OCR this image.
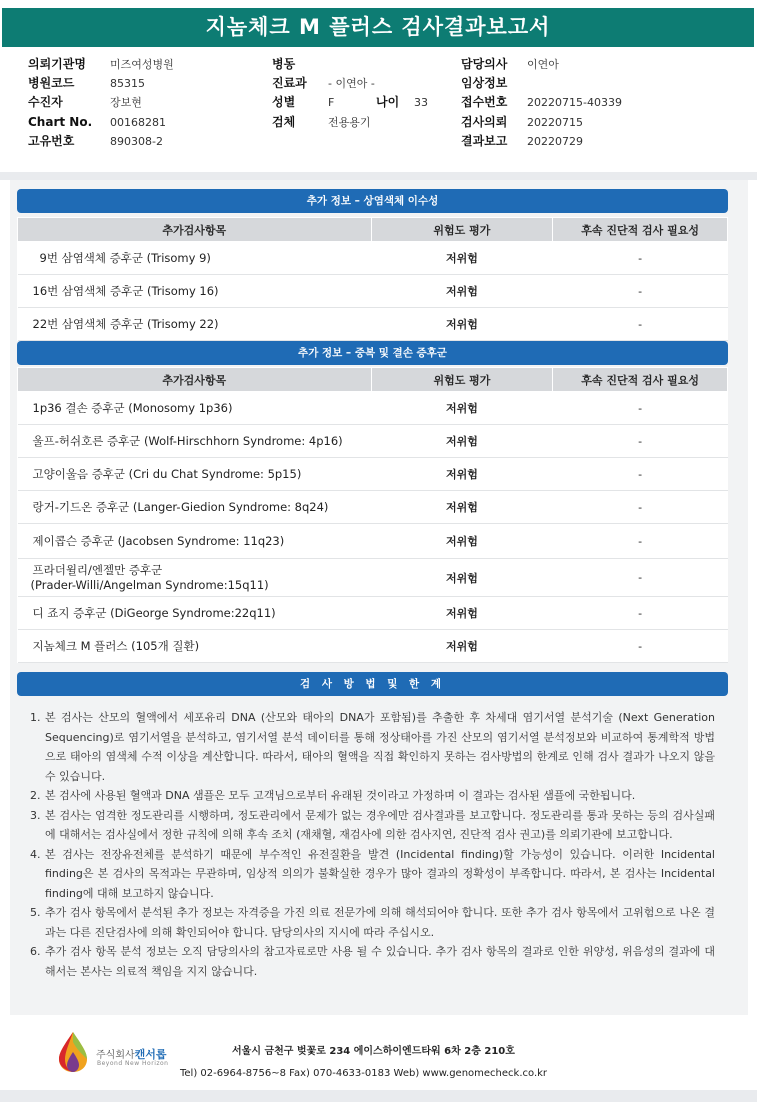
지놈체크 M 플러스 검사결과보고서
의뢰기관명 미즈여성병원	병동	담당의사 이연아
병원코드	85315	진료과 - 이연아 -	임상정보
수진자	장보현	성별	F	나이 33	접수번호 20220715-40339
Chart No. 00168281	검체	전용용기	검사의뢰 20220715
고유번호	890308-2	결과보고 20220729
추가 정보 – 상염색체 이수성
추가검사항목	위험도 평가	후속 진단적 검사 필요성
9번 삼염색체 증후군 (Trisomy 9)	저위험	-
16번 삼염색체 증후군 (Trisomy 16)	저위험	-
22번 삼염색체 증후군 (Trisomy 22)	저위험	-
추가 정보 – 중복 및 결손 증후군
추가검사항목	위험도 평가	후속 진단적 검사 필요성
1p36 결손 증후군 (Monosomy 1p36)	저위험	-
울프-허쉬호른 증후군 (Wolf-Hirschhorn Syndrome: 4p16)	저위험	-
고양이울음 증후군 (Cri du Chat Syndrome: 5p15)	저위험	-
랑거-기드온 증후군 (Langer-Giedion Syndrome: 8q24)	저위험	-
제이콥슨 증후군 (Jacobsen Syndrome: 11q23)	저위험	-

프라더윌리/엔젤만 증후군
(Prader-Willi/Angelman Syndrome:15q11)	저위험	-
디 죠지 증후군 (DiGeorge Syndrome:22q11)	저위험	-
지놈체크 M 플러스 (105개 질환)	저위험	-
검 사 방 법 및 한 계
1. 본 검사는 산모의 혈액에서 세포유리 DNA (산모와 태아의 DNA가 포함됨)를 추출한 후 차세대 염기서열 분석기술 (Next Generation Sequencing)로 염기서열을 분석하고, 염기서열 분석 데이터를 통해 정상태아를 가진 산모의 염기서열 분석정보와 비교하여 통계학적 방법으로 태아의 염색체 수적 이상을 계산합니다. 따라서, 태아의 혈액을 직접 확인하지 못하는 검사방법의 한계로 인해 검사 결과가 나오지 않을 수 있습니다.
2. 본 검사에 사용된 혈액과 DNA 샘플은 모두 고객님으로부터 유래된 것이라고 가정하며 이 결과는 검사된 샘플에 국한됩니다.
3. 본 검사는 엄격한 정도관리를 시행하며, 정도관리에서 문제가 없는 경우에만 검사결과를 보고합니다. 정도관리를 통과 못하는 등의 검사실패에 대해서는 검사실에서 정한 규칙에 의해 후속 조치 (재채혈, 재검사에 의한 검사지연, 진단적 검사 권고)를 의뢰기관에 보고합니다.
4. 본 검사는 전장유전체를 분석하기 때문에 부수적인 유전질환을 발견 (Incidental finding)할 가능성이 있습니다. 이러한 Incidental finding은 본 검사의 목적과는 무관하며, 임상적 의의가 불확실한 경우가 많아 결과의 정확성이 부족합니다. 따라서, 본 검사는 Incidental finding에 대해 보고하지 않습니다.
5. 추가 검사 항목에서 분석된 추가 정보는 자격증을 가진 의료 전문가에 의해 해석되어야 합니다. 또한 추가 검사 항목에서 고위험으로 나온 결과는 다른 진단검사에 의해 확인되어야 합니다. 담당의사의 지시에 따라 주십시오.
6. 추가 검사 항목 분석 정보는 오직 담당의사의 참고자료로만 사용 될 수 있습니다. 추가 검사 항목의 결과로 인한 위양성, 위음성의 결과에 대해서는 본사는 의료적 책임을 지지 않습니다.
주식회사캔서롭
Beyond New Horizon
서울시 금천구 벚꽃로 234 에이스하이엔드타워 6차 2층 210호
Tel) 02-6964-8756~8 Fax) 070-4633-0183 Web) www.genomecheck.co.kr
